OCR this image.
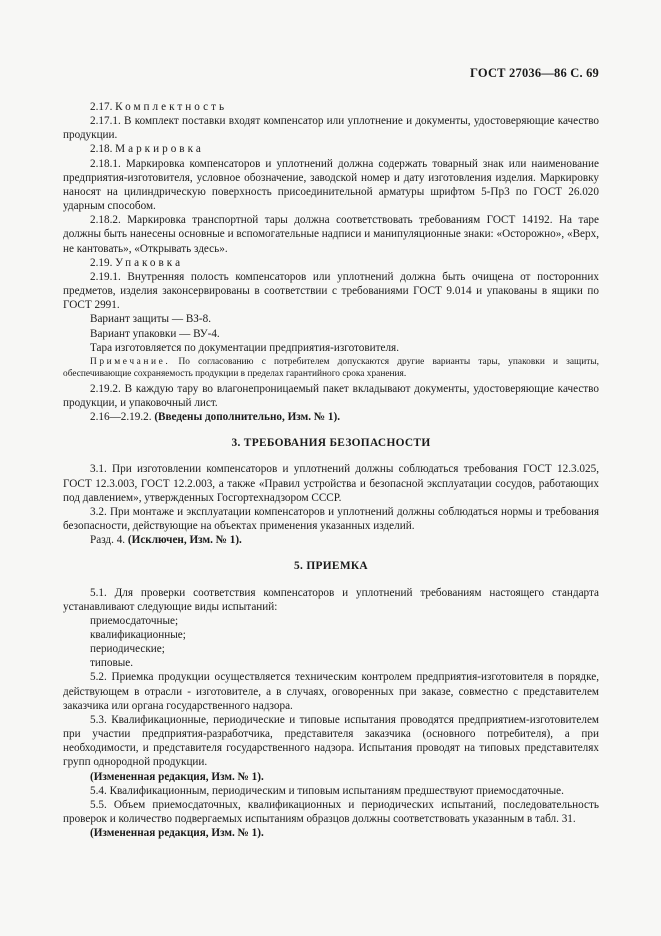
ГОСТ 27036—86 С. 69

2.17. Комплектность

2.17.1. В комплект поставки входят компенсатор или уплотнение и документы, удостоверяющие качество продукции.

2.18. Маркировка

2.18.1. Маркировка компенсаторов и уплотнений должна содержать товарный знак или наименование предприятия-изготовителя, условное обозначение, заводской номер и дату изготовления изделия. Маркировку наносят на цилиндрическую поверхность присоединительной арматуры шрифтом 5-Пр3 по ГОСТ 26.020 ударным способом.

2.18.2. Маркировка транспортной тары должна соответствовать требованиям ГОСТ 14192. На таре должны быть нанесены основные и вспомогательные надписи и манипуляционные знаки: «Осторожно», «Верх, не кантовать», «Открывать здесь».

2.19. Упаковка

2.19.1. Внутренняя полость компенсаторов или уплотнений должна быть очищена от посторонних предметов, изделия законсервированы в соответствии с требованиями ГОСТ 9.014 и упакованы в ящики по ГОСТ 2991.

Вариант защиты — ВЗ-8.

Вариант упаковки — ВУ-4.

Тара изготовляется по документации предприятия-изготовителя.

Примечание. По согласованию с потребителем допускаются другие варианты тары, упаковки и защиты, обеспечивающие сохраняемость продукции в пределах гарантийного срока хранения.

2.19.2. В каждую тару во влагонепроницаемый пакет вкладывают документы, удостоверяющие качество продукции, и упаковочный лист.

2.16—2.19.2. (Введены дополнительно, Изм. № 1).

3. ТРЕБОВАНИЯ БЕЗОПАСНОСТИ

3.1. При изготовлении компенсаторов и уплотнений должны соблюдаться требования ГОСТ 12.3.025, ГОСТ 12.3.003, ГОСТ 12.2.003, а также «Правил устройства и безопасной эксплуатации сосудов, работающих под давлением», утвержденных Госгортехнадзором СССР.

3.2. При монтаже и эксплуатации компенсаторов и уплотнений должны соблюдаться нормы и требования безопасности, действующие на объектах применения указанных изделий.

Разд. 4. (Исключен, Изм. № 1).

5. ПРИЕМКА

5.1. Для проверки соответствия компенсаторов и уплотнений требованиям настоящего стандарта устанавливают следующие виды испытаний:

приемосдаточные;

квалификационные;

периодические;

типовые.

5.2. Приемка продукции осуществляется техническим контролем предприятия-изготовителя в порядке, действующем в отрасли - изготовителе, а в случаях, оговоренных при заказе, совместно с представителем заказчика или органа государственного надзора.

5.3. Квалификационные, периодические и типовые испытания проводятся предприятием-изготовителем при участии предприятия-разработчика, представителя заказчика (основного потребителя), а при необходимости, и представителя государственного надзора. Испытания проводят на типовых представителях групп однородной продукции.

(Измененная редакция, Изм. № 1).

5.4. Квалификационным, периодическим и типовым испытаниям предшествуют приемосдаточные.

5.5. Объем приемосдаточных, квалификационных и периодических испытаний, последовательность проверок и количество подвергаемых испытаниям образцов должны соответствовать указанным в табл. 31.

(Измененная редакция, Изм. № 1).
